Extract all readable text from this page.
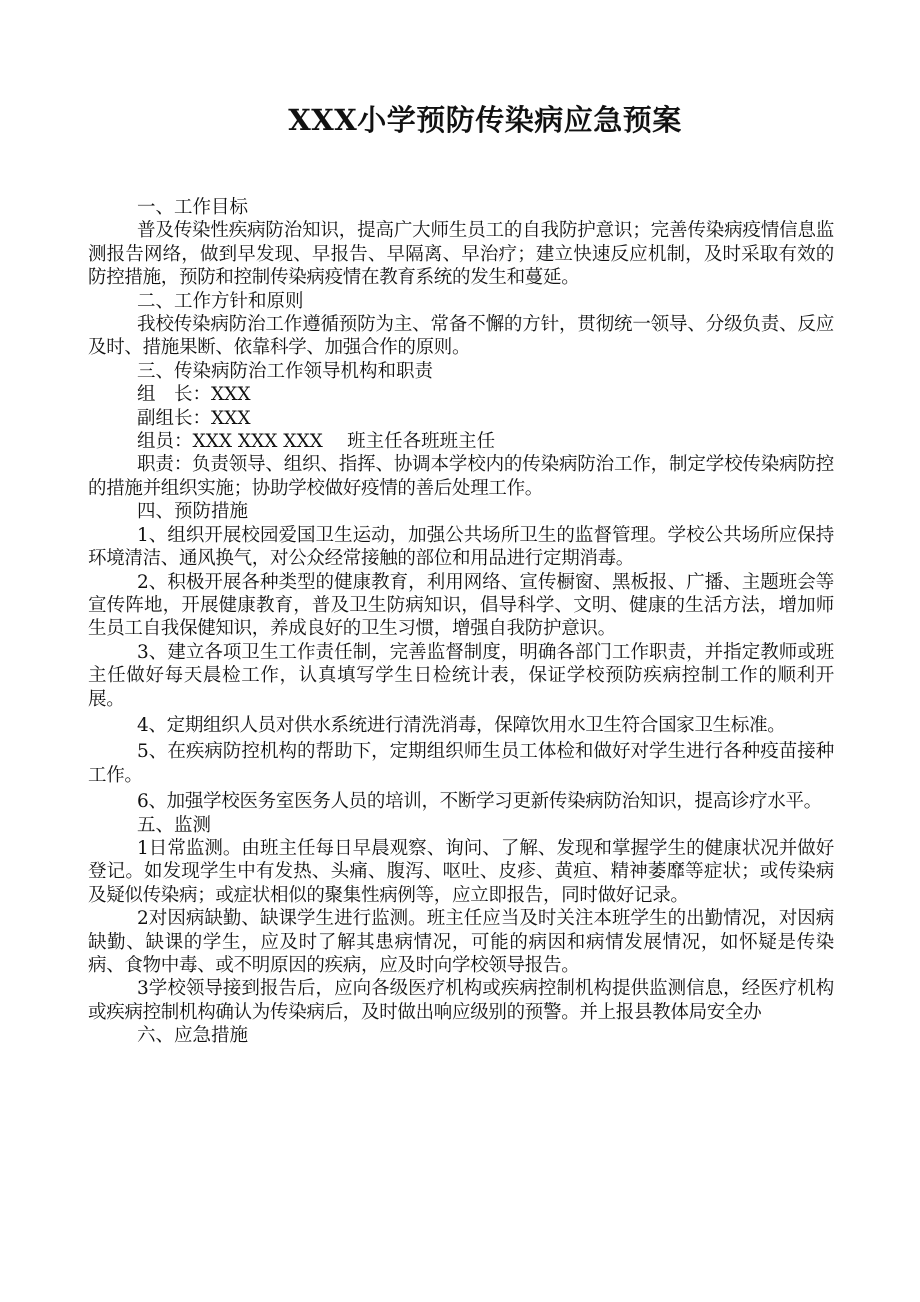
XXX小学预防传染病应急预案

一、工作目标

普及传染性疾病防治知识，提高广大师生员工的自我防护意识；完善传染病疫情信息监测报告网络，做到早发现、早报告、早隔离、早治疗；建立快速反应机制，及时采取有效的防控措施，预防和控制传染病疫情在教育系统的发生和蔓延。

二、工作方针和原则

我校传染病防治工作遵循预防为主、常备不懈的方针，贯彻统一领导、分级负责、反应及时、措施果断、依靠科学、加强合作的原则。

三、传染病防治工作领导机构和职责

组　长：XXX

副组长：XXX

组员：XXX XXX XXX　 班主任各班班主任

职责：负责领导、组织、指挥、协调本学校内的传染病防治工作，制定学校传染病防控的措施并组织实施；协助学校做好疫情的善后处理工作。

四、预防措施

1、组织开展校园爱国卫生运动，加强公共场所卫生的监督管理。学校公共场所应保持环境清洁、通风换气，对公众经常接触的部位和用品进行定期消毒。

2、积极开展各种类型的健康教育，利用网络、宣传橱窗、黑板报、广播、主题班会等宣传阵地，开展健康教育，普及卫生防病知识，倡导科学、文明、健康的生活方法，增加师生员工自我保健知识，养成良好的卫生习惯，增强自我防护意识。

3、建立各项卫生工作责任制，完善监督制度，明确各部门工作职责，并指定教师或班主任做好每天晨检工作，认真填写学生日检统计表，保证学校预防疾病控制工作的顺利开展。

4、定期组织人员对供水系统进行清洗消毒，保障饮用水卫生符合国家卫生标准。

5、在疾病防控机构的帮助下，定期组织师生员工体检和做好对学生进行各种疫苗接种工作。

6、加强学校医务室医务人员的培训，不断学习更新传染病防治知识，提高诊疗水平。

五、监测

1日常监测。由班主任每日早晨观察、询问、了解、发现和掌握学生的健康状况并做好登记。如发现学生中有发热、头痛、腹泻、呕吐、皮疹、黄疸、精神萎靡等症状；或传染病及疑似传染病；或症状相似的聚集性病例等，应立即报告，同时做好记录。

2对因病缺勤、缺课学生进行监测。班主任应当及时关注本班学生的出勤情况，对因病缺勤、缺课的学生，应及时了解其患病情况，可能的病因和病情发展情况，如怀疑是传染病、食物中毒、或不明原因的疾病，应及时向学校领导报告。

3学校领导接到报告后，应向各级医疗机构或疾病控制机构提供监测信息，经医疗机构或疾病控制机构确认为传染病后，及时做出响应级别的预警。并上报县教体局安全办

六、应急措施
